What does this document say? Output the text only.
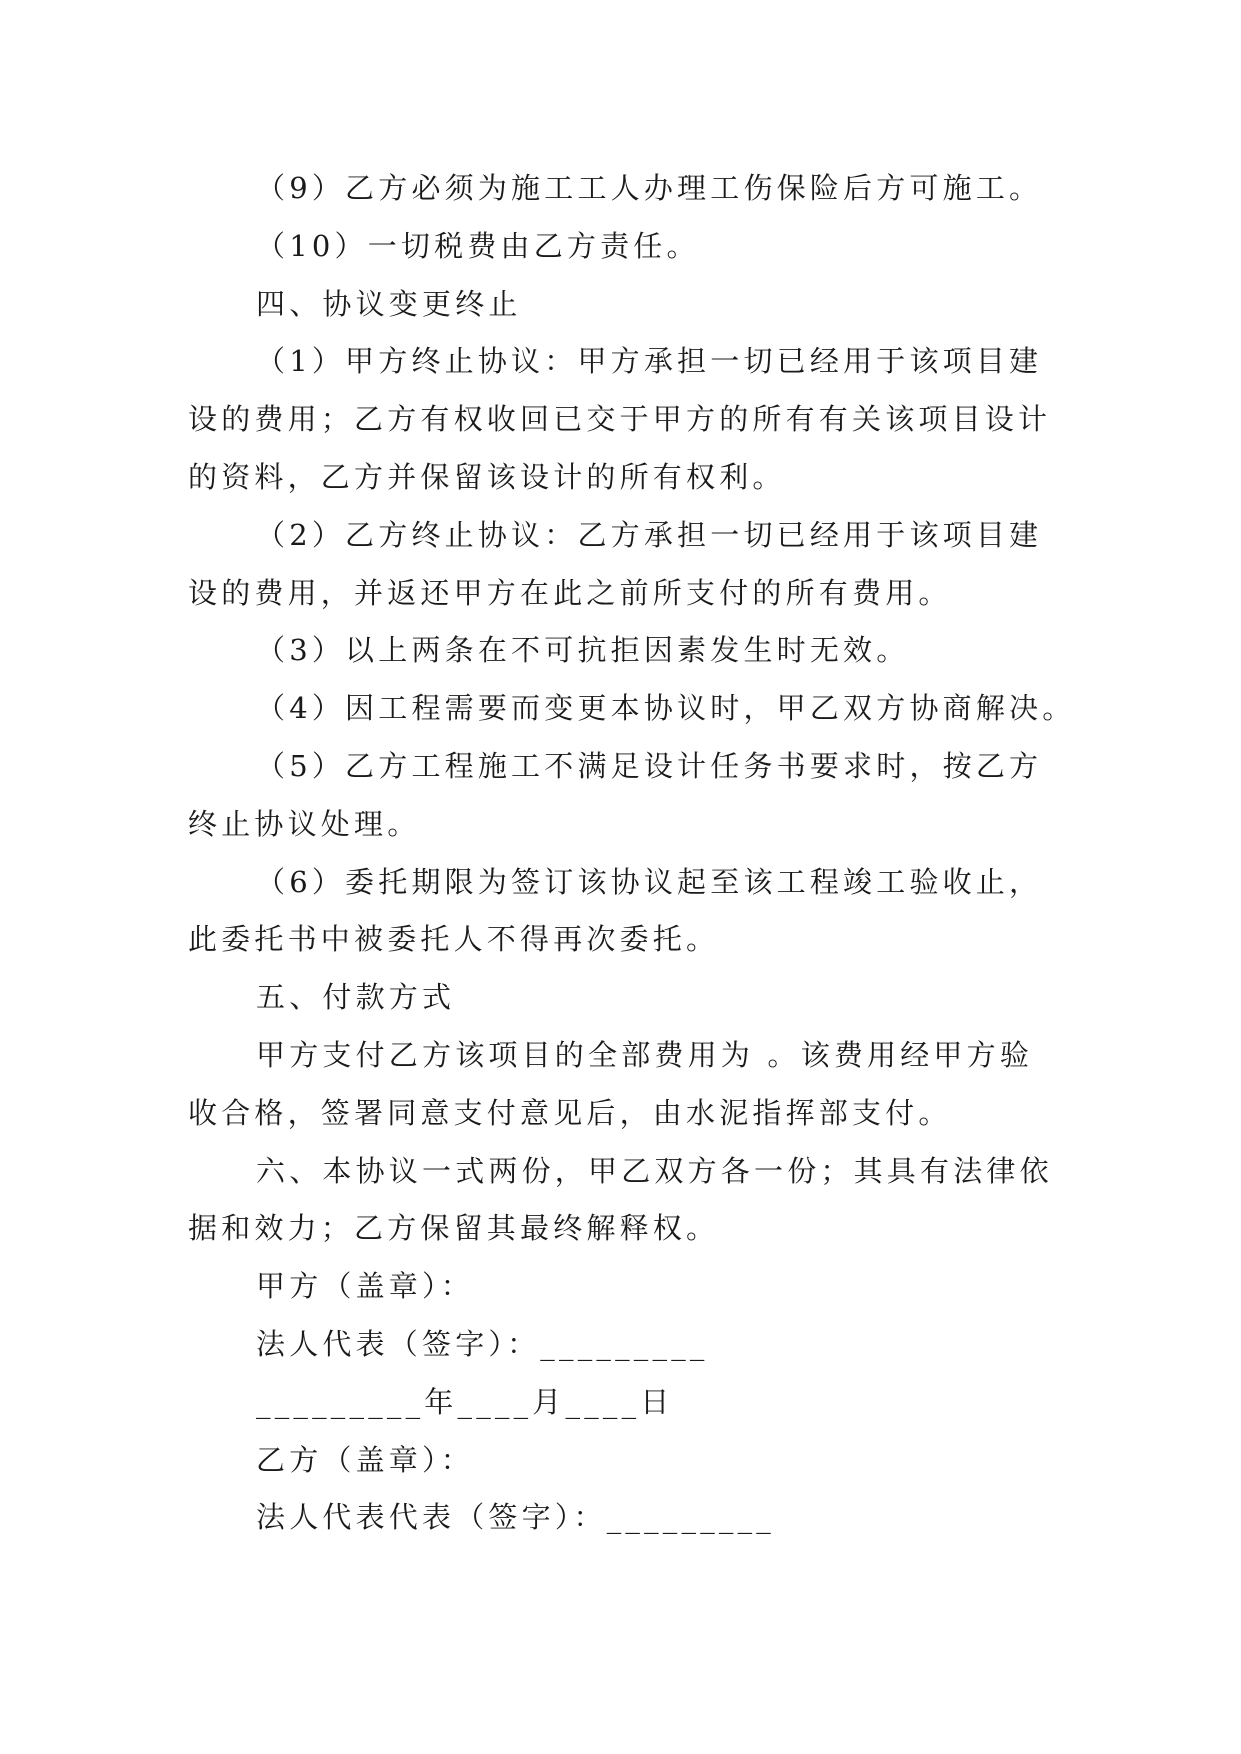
（9）乙方必须为施工工人办理工伤保险后方可施工。
（10）一切税费由乙方责任。
四、协议变更终止
（1）甲方终止协议：甲方承担一切已经用于该项目建
设的费用；乙方有权收回已交于甲方的所有有关该项目设计
的资料，乙方并保留该设计的所有权利。
（2）乙方终止协议：乙方承担一切已经用于该项目建
设的费用，并返还甲方在此之前所支付的所有费用。
（3）以上两条在不可抗拒因素发生时无效。
（4）因工程需要而变更本协议时，甲乙双方协商解决。
（5）乙方工程施工不满足设计任务书要求时，按乙方
终止协议处理。
（6）委托期限为签订该协议起至该工程竣工验收止，
此委托书中被委托人不得再次委托。
五、付款方式
甲方支付乙方该项目的全部费用为 。该费用经甲方验
收合格，签署同意支付意见后，由水泥指挥部支付。
六、本协议一式两份，甲乙双方各一份；其具有法律依
据和效力；乙方保留其最终解释权。
甲方（盖章）：
法人代表（签字）：_________
_________年____月____日
乙方（盖章）：
法人代表代表（签字）：_________
